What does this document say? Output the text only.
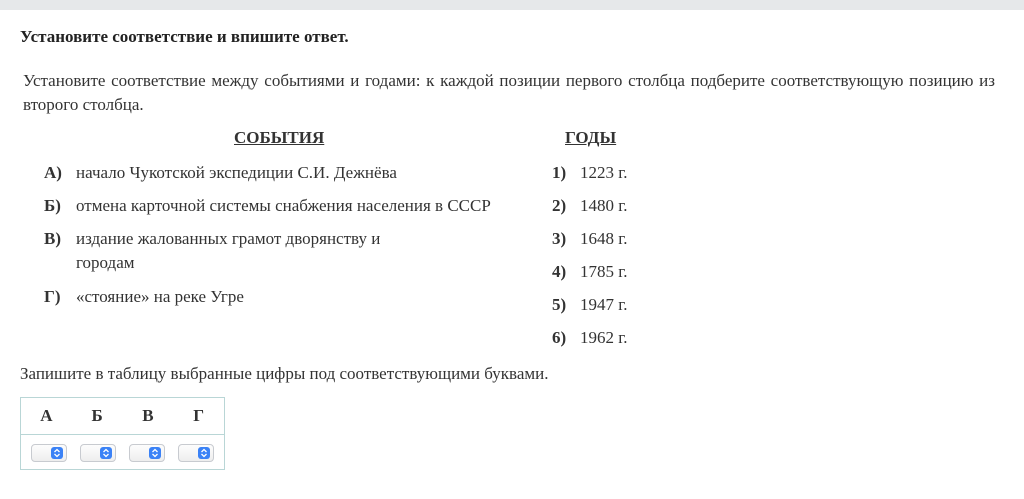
Установите соответствие и впишите ответ.
Установите соответствие между событиями и годами: к каждой позиции первого столбца подберите соответствующую позицию из второго столбца.
СОБЫТИЯ	ГОДЫ
А) начало Чукотской экспедиции С.И. Дежнёва
Б) отмена карточной системы снабжения населения в СССР
В) издание жалованных грамот дворянству и городам
Г) «стояние» на реке Угре
1) 1223 г.
2) 1480 г.
3) 1648 г.
4) 1785 г.
5) 1947 г.
6) 1962 г.
Запишите в таблицу выбранные цифры под соответствующими буквами.
А	Б	В	Г
